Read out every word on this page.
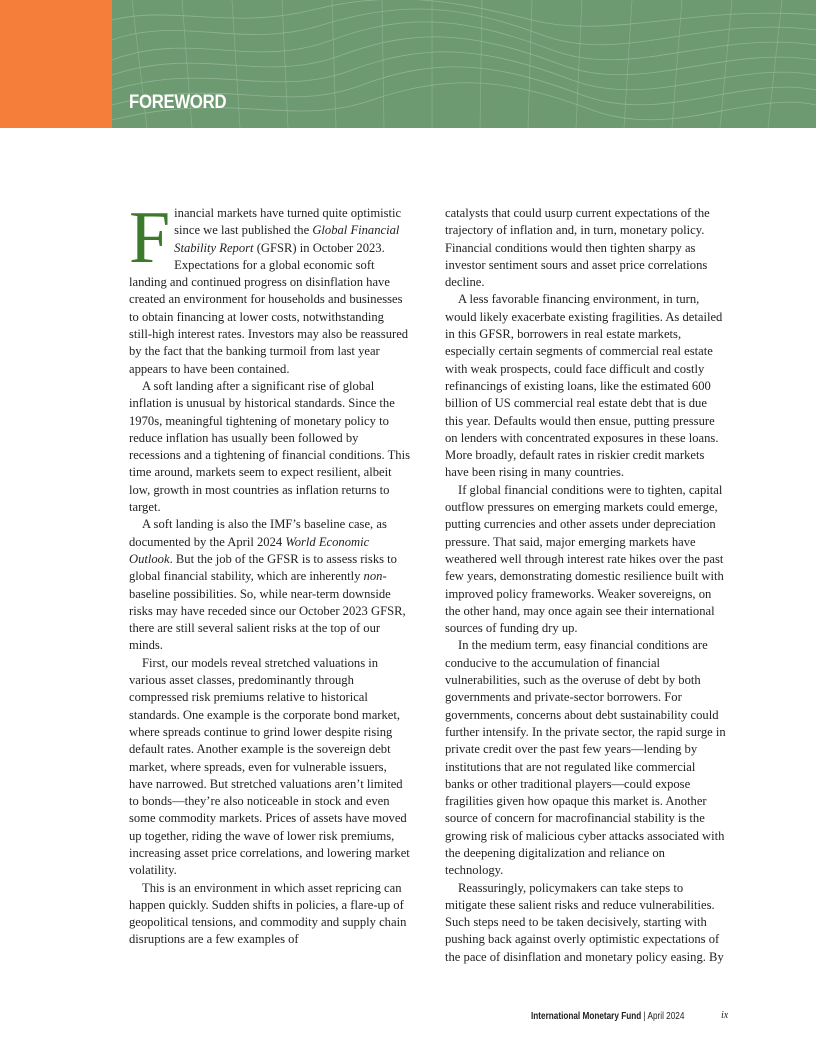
FOREWORD

Financial markets have turned quite optimistic since we last published the Global Financial Stability Report (GFSR) in October 2023. Expectations for a global economic soft landing and continued progress on disinflation have created an environment for households and businesses to obtain financing at lower costs, notwithstanding still-high interest rates. Investors may also be reassured by the fact that the banking turmoil from last year appears to have been contained.

A soft landing after a significant rise of global inflation is unusual by historical standards. Since the 1970s, meaningful tightening of monetary policy to reduce inflation has usually been followed by recessions and a tightening of financial conditions. This time around, markets seem to expect resilient, albeit low, growth in most countries as inflation returns to target.

A soft landing is also the IMF’s baseline case, as documented by the April 2024 World Economic Outlook. But the job of the GFSR is to assess risks to global financial stability, which are inherently non-baseline possibilities. So, while near-term downside risks may have receded since our October 2023 GFSR, there are still several salient risks at the top of our minds.

First, our models reveal stretched valuations in various asset classes, predominantly through compressed risk premiums relative to historical standards. One example is the corporate bond market, where spreads continue to grind lower despite rising default rates. Another example is the sovereign debt market, where spreads, even for vulnerable issuers, have narrowed. But stretched valuations aren’t limited to bonds—they’re also noticeable in stock and even some commodity markets. Prices of assets have moved up together, riding the wave of lower risk premiums, increasing asset price correlations, and lowering market volatility.

This is an environment in which asset repricing can happen quickly. Sudden shifts in policies, a flare-up of geopolitical tensions, and commodity and supply chain disruptions are a few examples of

catalysts that could usurp current expectations of the trajectory of inflation and, in turn, monetary policy. Financial conditions would then tighten sharpy as investor sentiment sours and asset price correlations decline.

A less favorable financing environment, in turn, would likely exacerbate existing fragilities. As detailed in this GFSR, borrowers in real estate markets, especially certain segments of commercial real estate with weak prospects, could face difficult and costly refinancings of existing loans, like the estimated 600 billion of US commercial real estate debt that is due this year. Defaults would then ensue, putting pressure on lenders with concentrated exposures in these loans. More broadly, default rates in riskier credit markets have been rising in many countries.

If global financial conditions were to tighten, capital outflow pressures on emerging markets could emerge, putting currencies and other assets under depreciation pressure. That said, major emerging markets have weathered well through interest rate hikes over the past few years, demonstrating domestic resilience built with improved policy frameworks. Weaker sovereigns, on the other hand, may once again see their international sources of funding dry up.

In the medium term, easy financial conditions are conducive to the accumulation of financial vulnerabilities, such as the overuse of debt by both governments and private-sector borrowers. For governments, concerns about debt sustainability could further intensify. In the private sector, the rapid surge in private credit over the past few years—lending by institutions that are not regulated like commercial banks or other traditional players—could expose fragilities given how opaque this market is. Another source of concern for macrofinancial stability is the growing risk of malicious cyber attacks associated with the deepening digitalization and reliance on technology.

Reassuringly, policymakers can take steps to mitigate these salient risks and reduce vulnerabilities. Such steps need to be taken decisively, starting with pushing back against overly optimistic expectations of the pace of disinflation and monetary policy easing. By

International Monetary Fund | April 2024	ix
